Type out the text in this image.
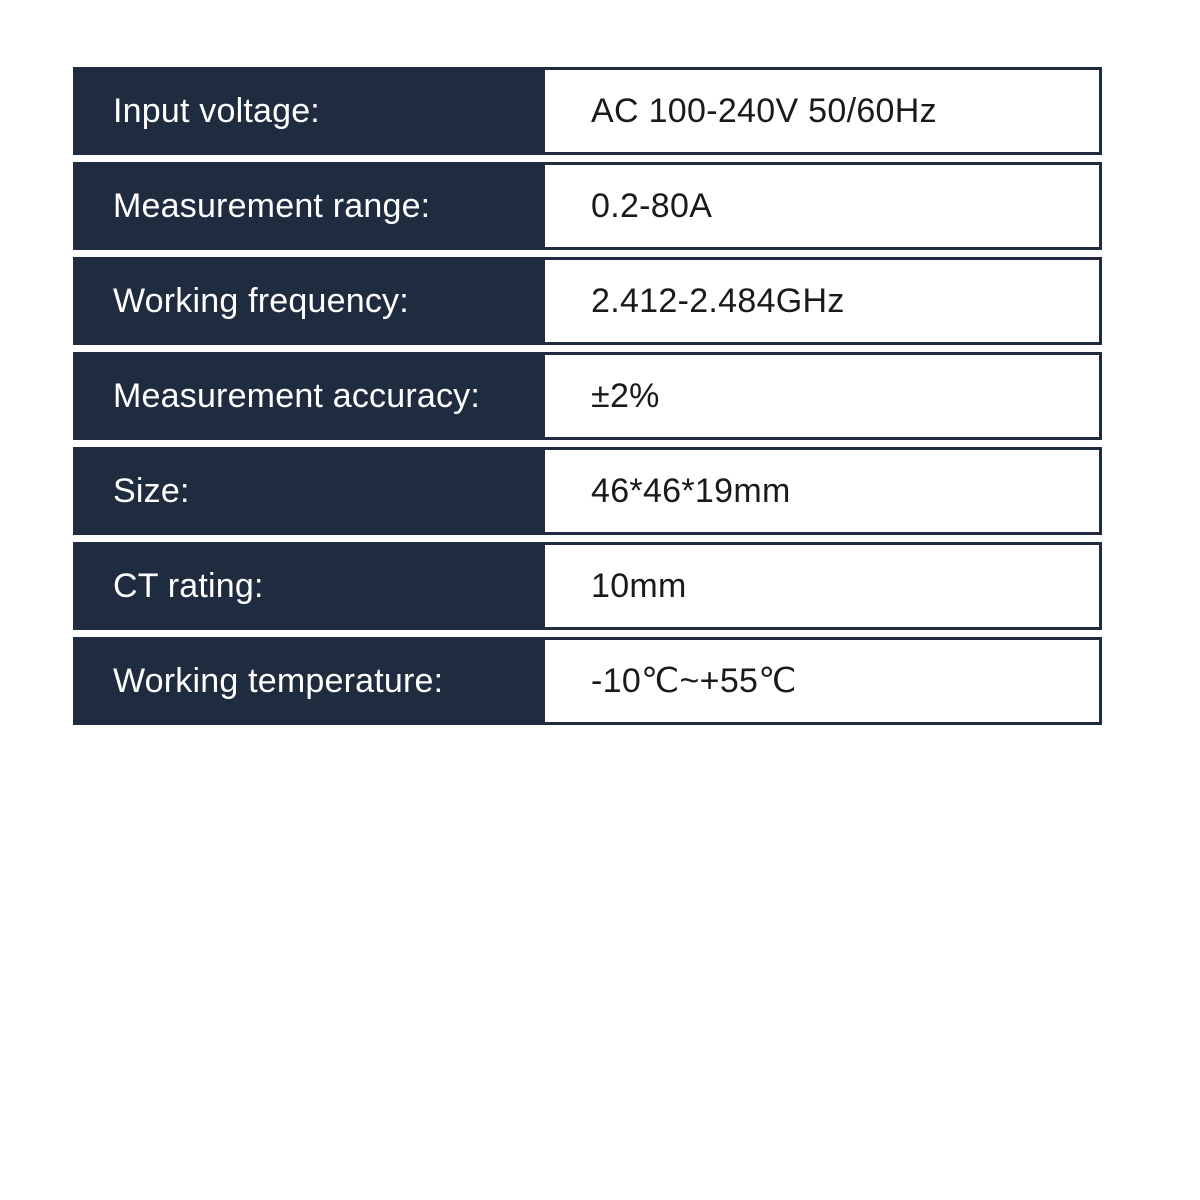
Input voltage:	AC 100-240V 50/60Hz
Measurement range:	0.2-80A
Working frequency:	2.412-2.484GHz
Measurement accuracy:	±2%
Size:	46*46*19mm
CT rating:	10mm
Working temperature:	-10℃~+55℃
